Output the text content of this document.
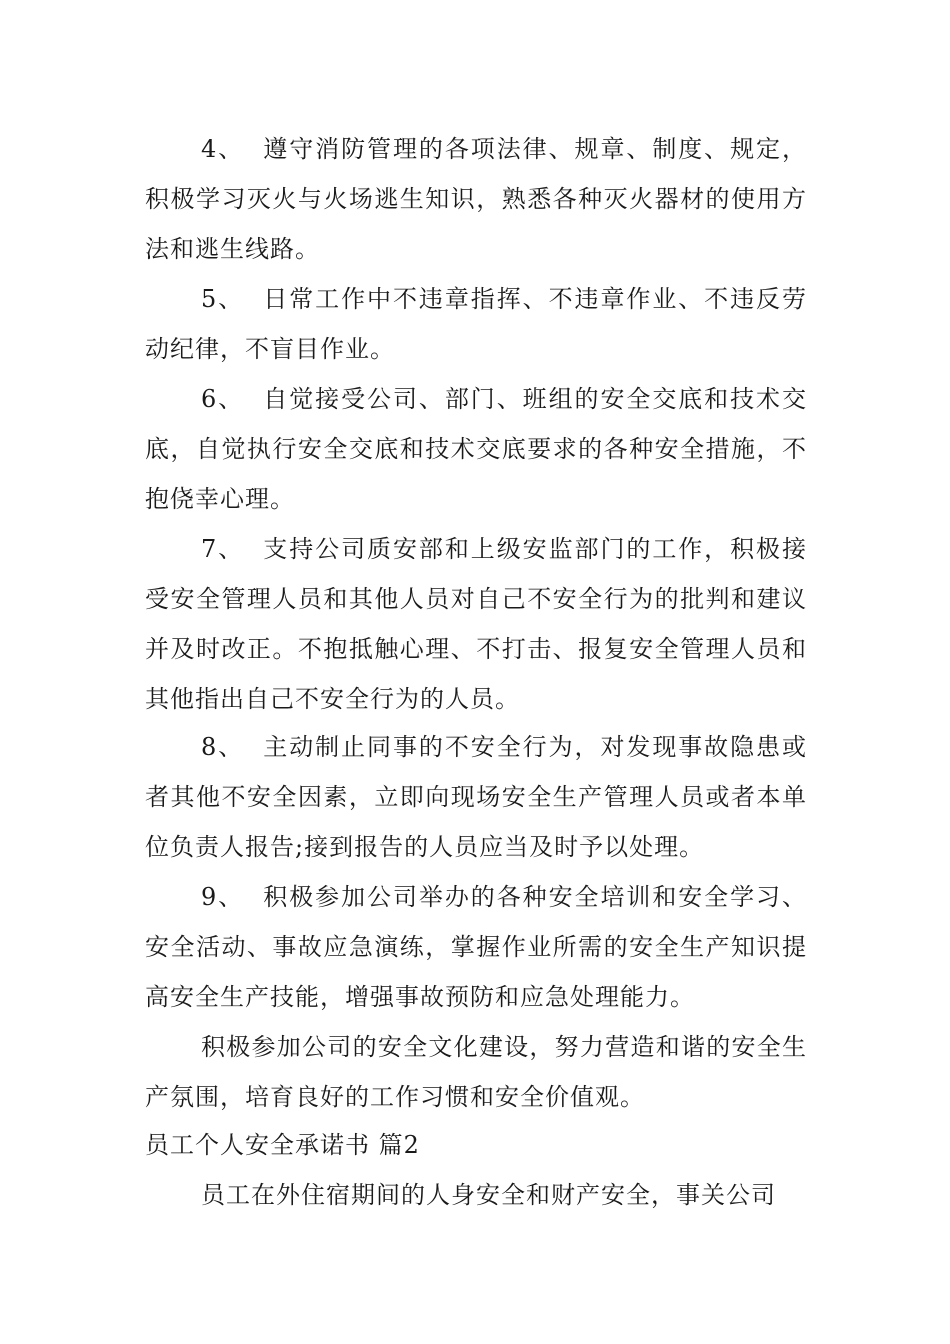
4、 遵守消防管理的各项法律、规章、制度、规定，积极学习灭火与火场逃生知识，熟悉各种灭火器材的使用方法和逃生线路。

5、 日常工作中不违章指挥、不违章作业、不违反劳动纪律，不盲目作业。

6、 自觉接受公司、部门、班组的安全交底和技术交底，自觉执行安全交底和技术交底要求的各种安全措施，不抱侥幸心理。

7、 支持公司质安部和上级安监部门的工作，积极接受安全管理人员和其他人员对自己不安全行为的批判和建议并及时改正。不抱抵触心理、不打击、报复安全管理人员和其他指出自己不安全行为的人员。

8、 主动制止同事的不安全行为，对发现事故隐患或者其他不安全因素，立即向现场安全生产管理人员或者本单位负责人报告;接到报告的人员应当及时予以处理。

9、 积极参加公司举办的各种安全培训和安全学习、安全活动、事故应急演练，掌握作业所需的安全生产知识提高安全生产技能，增强事故预防和应急处理能力。

积极参加公司的安全文化建设，努力营造和谐的安全生产氛围，培育良好的工作习惯和安全价值观。

员工个人安全承诺书 篇2

员工在外住宿期间的人身安全和财产安全，事关公司
